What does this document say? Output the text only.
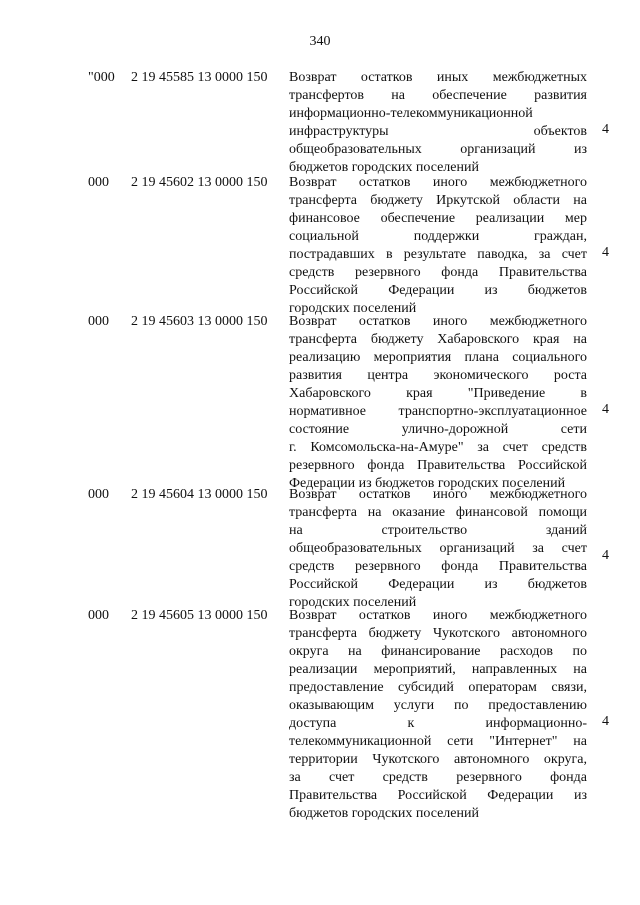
340
"000 2 19 45585 13 0000 150 Возврат остатков иных межбюджетных
трансфертов на обеспечение развития
информационно-телекоммуникационной
инфраструктуры объектов
общеобразовательных организаций из
бюджетов городских поселений
4
000 2 19 45602 13 0000 150 Возврат остатков иного межбюджетного
трансферта бюджету Иркутской области на
финансовое обеспечение реализации мер
социальной поддержки граждан,
пострадавших в результате паводка, за счет
средств резервного фонда Правительства
Российской Федерации из бюджетов
городских поселений
4
000 2 19 45603 13 0000 150 Возврат остатков иного межбюджетного
трансферта бюджету Хабаровского края на
реализацию мероприятия плана социального
развития центра экономического роста
Хабаровского края "Приведение в
нормативное транспортно-эксплуатационное
состояние улично-дорожной сети
г. Комсомольска-на-Амуре" за счет средств
резервного фонда Правительства Российской
Федерации из бюджетов городских поселений
4
000 2 19 45604 13 0000 150 Возврат остатков иного межбюджетного
трансферта на оказание финансовой помощи
на строительство зданий
общеобразовательных организаций за счет
средств резервного фонда Правительства
Российской Федерации из бюджетов
городских поселений
4
000 2 19 45605 13 0000 150 Возврат остатков иного межбюджетного
трансферта бюджету Чукотского автономного
округа на финансирование расходов по
реализации мероприятий, направленных на
предоставление субсидий операторам связи,
оказывающим услуги по предоставлению
доступа к информационно-
телекоммуникационной сети "Интернет" на
территории Чукотского автономного округа,
за счет средств резервного фонда
Правительства Российской Федерации из
бюджетов городских поселений
4
